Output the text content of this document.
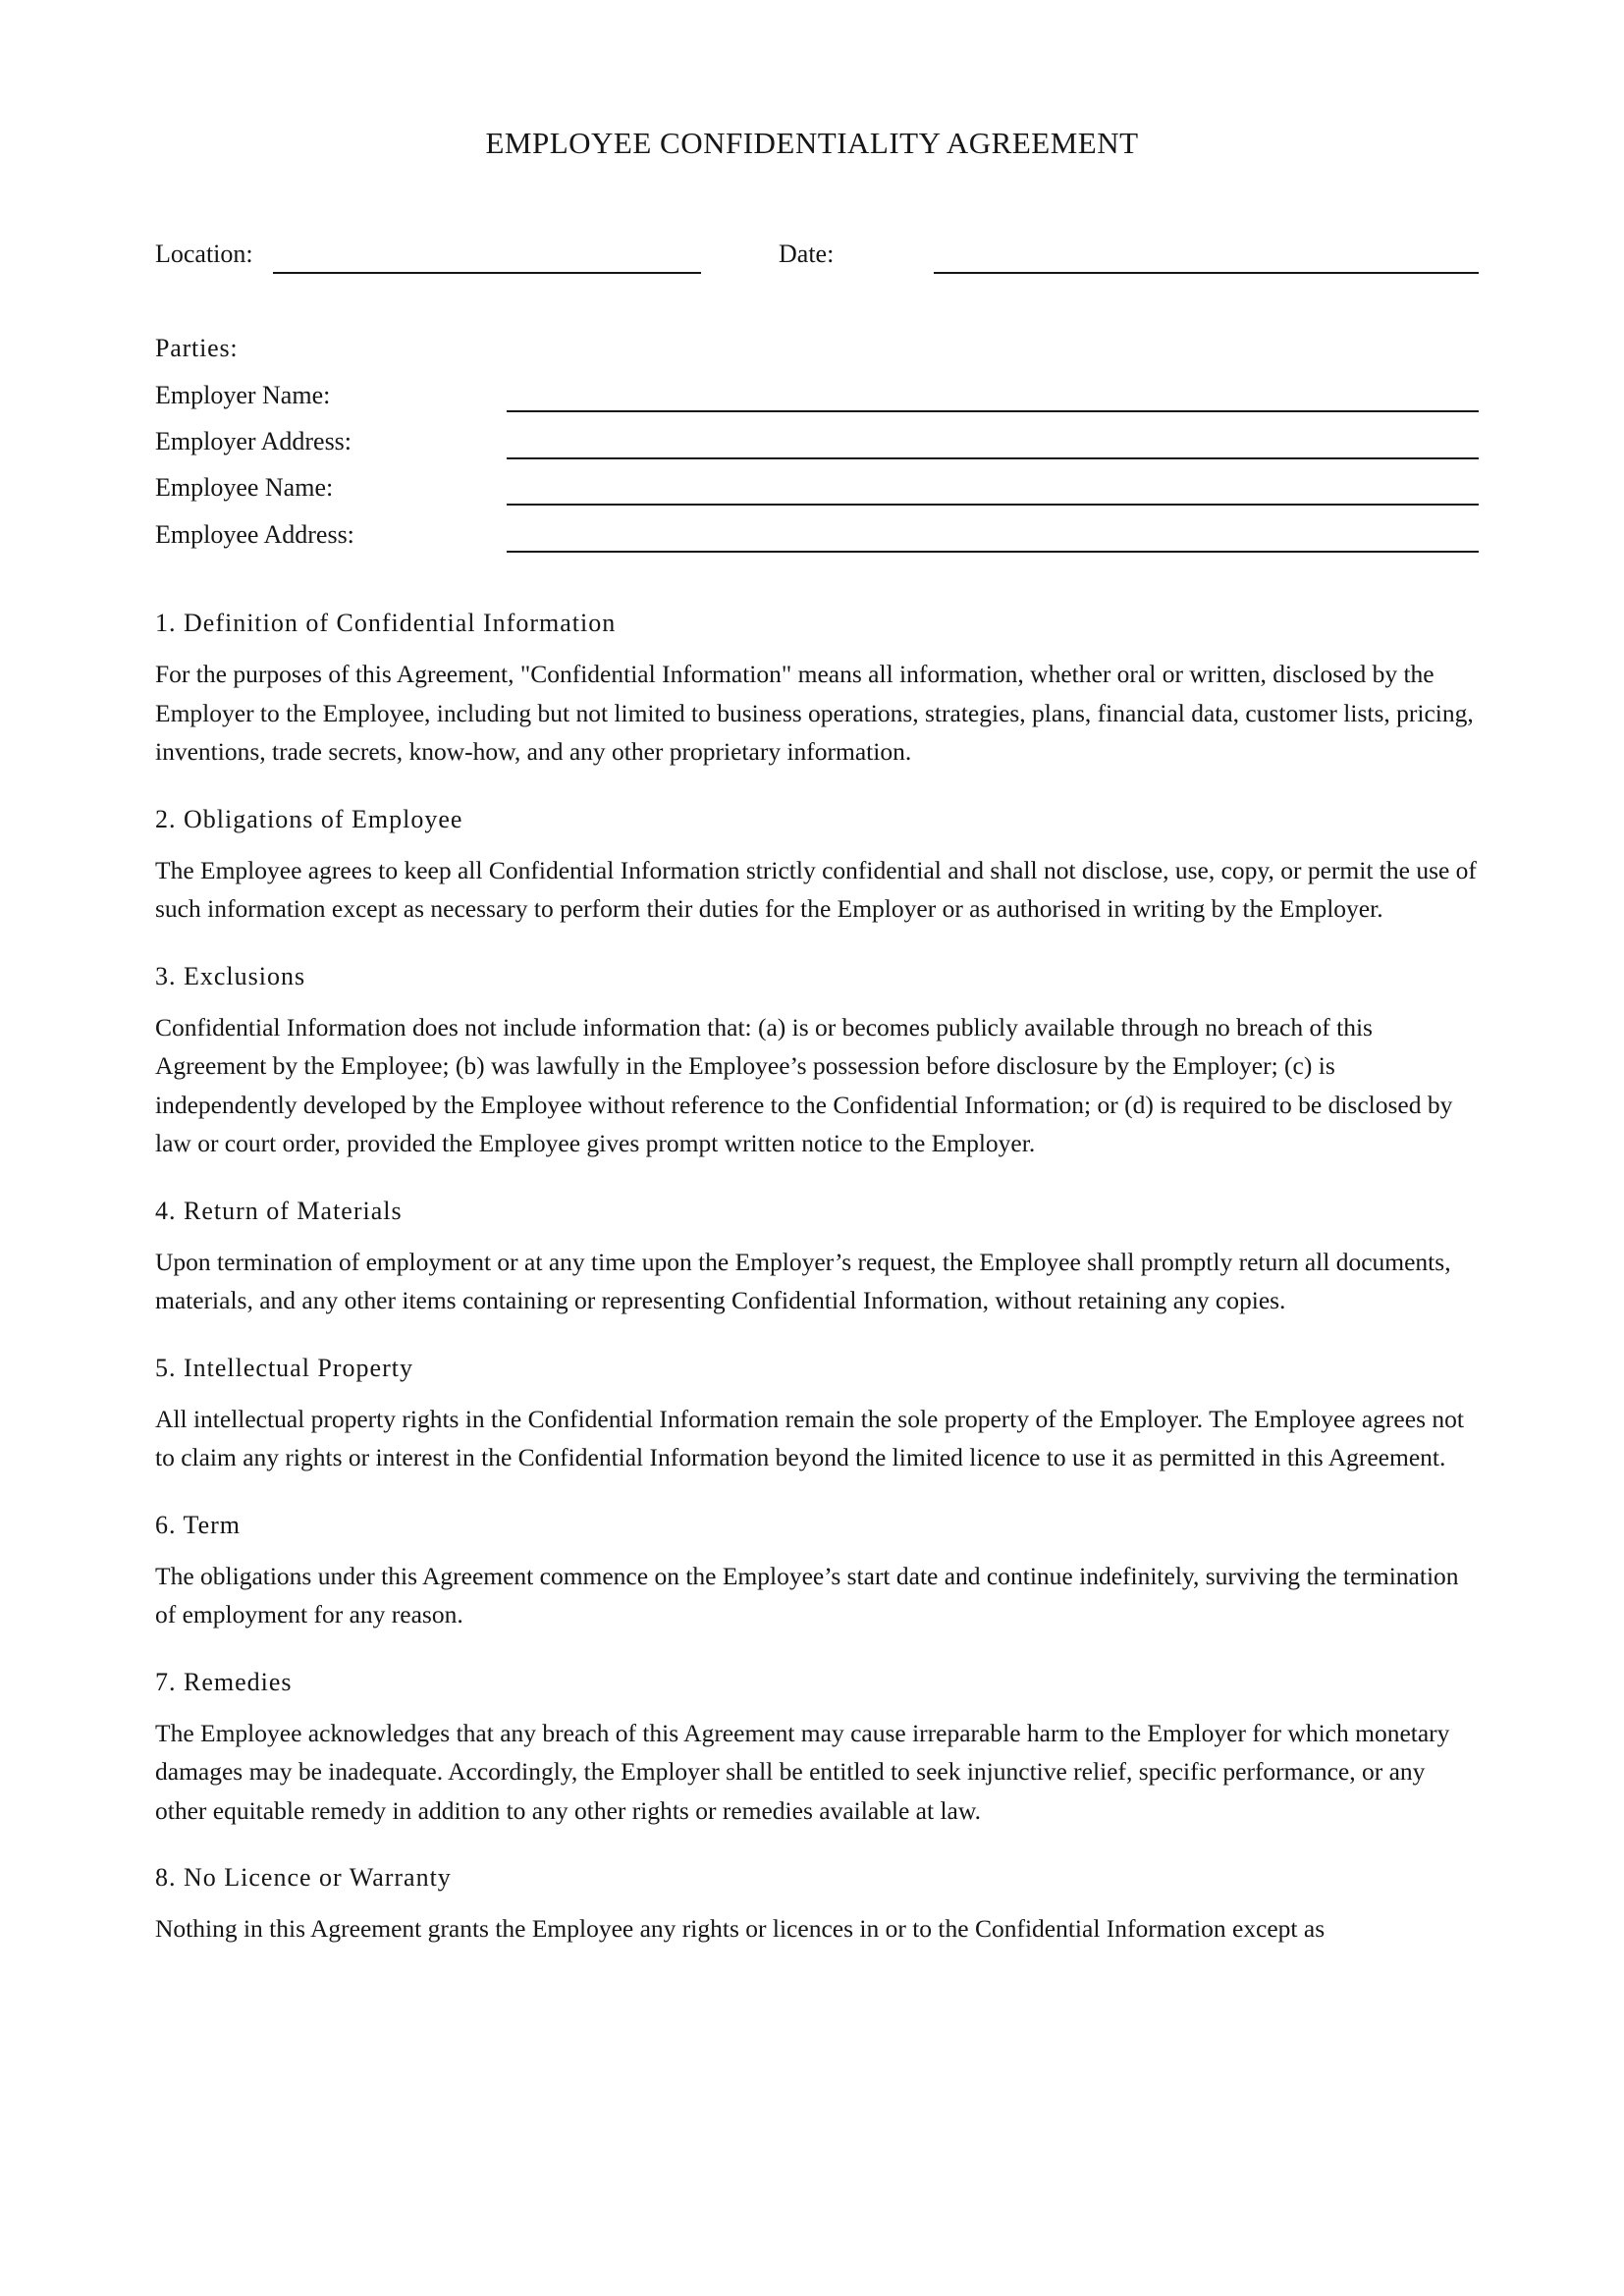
EMPLOYEE CONFIDENTIALITY AGREEMENT
Location:	Date:
Parties:
Employer Name:
Employer Address:
Employee Name:
Employee Address:
1. Definition of Confidential Information

For the purposes of this Agreement, "Confidential Information" means all information, whether oral or written, disclosed by the Employer to the Employee, including but not limited to business operations, strategies, plans, financial data, customer lists, pricing, inventions, trade secrets, know-how, and any other proprietary information.

2. Obligations of Employee

The Employee agrees to keep all Confidential Information strictly confidential and shall not disclose, use, copy, or permit the use of such information except as necessary to perform their duties for the Employer or as authorised in writing by the Employer.

3. Exclusions

Confidential Information does not include information that: (a) is or becomes publicly available through no breach of this Agreement by the Employee; (b) was lawfully in the Employee’s possession before disclosure by the Employer; (c) is independently developed by the Employee without reference to the Confidential Information; or (d) is required to be disclosed by law or court order, provided the Employee gives prompt written notice to the Employer.

4. Return of Materials

Upon termination of employment or at any time upon the Employer’s request, the Employee shall promptly return all documents, materials, and any other items containing or representing Confidential Information, without retaining any copies.

5. Intellectual Property

All intellectual property rights in the Confidential Information remain the sole property of the Employer. The Employee agrees not to claim any rights or interest in the Confidential Information beyond the limited licence to use it as permitted in this Agreement.

6. Term

The obligations under this Agreement commence on the Employee’s start date and continue indefinitely, surviving the termination of employment for any reason.

7. Remedies

The Employee acknowledges that any breach of this Agreement may cause irreparable harm to the Employer for which monetary damages may be inadequate. Accordingly, the Employer shall be entitled to seek injunctive relief, specific performance, or any other equitable remedy in addition to any other rights or remedies available at law.

8. No Licence or Warranty

Nothing in this Agreement grants the Employee any rights or licences in or to the Confidential Information except as
